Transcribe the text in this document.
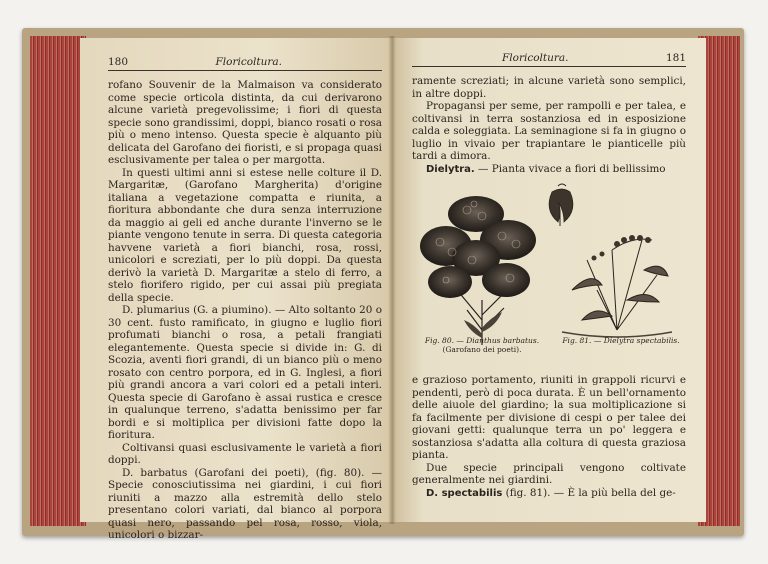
180	Floricoltura.

rofano Souvenir de la Malmaison va considerato come specie orticola distinta, da cui derivarono alcune varietà pregevolissime; i fiori di questa specie sono grandissimi, doppi, bianco rosati o rosa più o meno intenso. Questa specie è alquanto più delicata del Garofano dei fioristi, e si propaga quasi esclusivamente per talea o per margotta.

In questi ultimi anni si estese nelle colture il D. Margaritæ, (Garofano Margherita) d'origine italiana a vegetazione compatta e riunita, a fioritura abbondante che dura senza interruzione da maggio ai geli ed anche durante l'inverno se le piante vengono tenute in serra. Di questa categoria havvene varietà a fiori bianchi, rosa, rossi, unicolori e screziati, per lo più doppi. Da questa derivò la varietà D. Margaritæ a stelo di ferro, a stelo fiorifero rigido, per cui assai più pregiata della specie.

D. plumarius (G. a piumino). — Alto soltanto 20 o 30 cent. fusto ramificato, in giugno e luglio fiori profumati bianchi o rosa, a petali frangiati elegantemente. Questa specie si divide in: G. di Scozia, aventi fiori grandi, di un bianco più o meno rosato con centro porpora, ed in G. Inglesi, a fiori più grandi ancora a vari colori ed a petali interi. Questa specie di Garofano è assai rustica e cresce in qualunque terreno, s'adatta benissimo per far bordi e si moltiplica per divisioni fatte dopo la fioritura.

Coltivansi quasi esclusivamente le varietà a fiori doppi.

D. barbatus (Garofani dei poeti), (fig. 80). — Specie conosciutissima nei giardini, i cui fiori riuniti a mazzo alla estremità dello stelo presentano colori variati, dal bianco al porpora quasi nero, passando pel rosa, rosso, viola, unicolori o bizzar-

Floricoltura.	181

ramente screziati; in alcune varietà sono semplici, in altre doppi.

Propagansi per seme, per rampolli e per talea, e coltivansi in terra sostanziosa ed in esposizione calda e soleggiata. La seminagione si fa in giugno o luglio in vivaio per trapiantare le pianticelle più tardi a dimora.

Dielytra. — Pianta vivace a fiori di bellissimo

Fig. 80. — Dianthus barbatus.
(Garofano dei poeti).
Fig. 81. — Dielytra spectabilis.

e grazioso portamento, riuniti in grappoli ricurvi e pendenti, però di poca durata. È un bell'ornamento delle aiuole del giardino; la sua moltiplicazione si fa facilmente per divisione di cespi o per talee dei giovani getti: qualunque terra un po' leggera e sostanziosa s'adatta alla coltura di questa graziosa pianta.

Due specie principali vengono coltivate generalmente nei giardini.

D. spectabilis (fig. 81). — È la più bella del ge-
